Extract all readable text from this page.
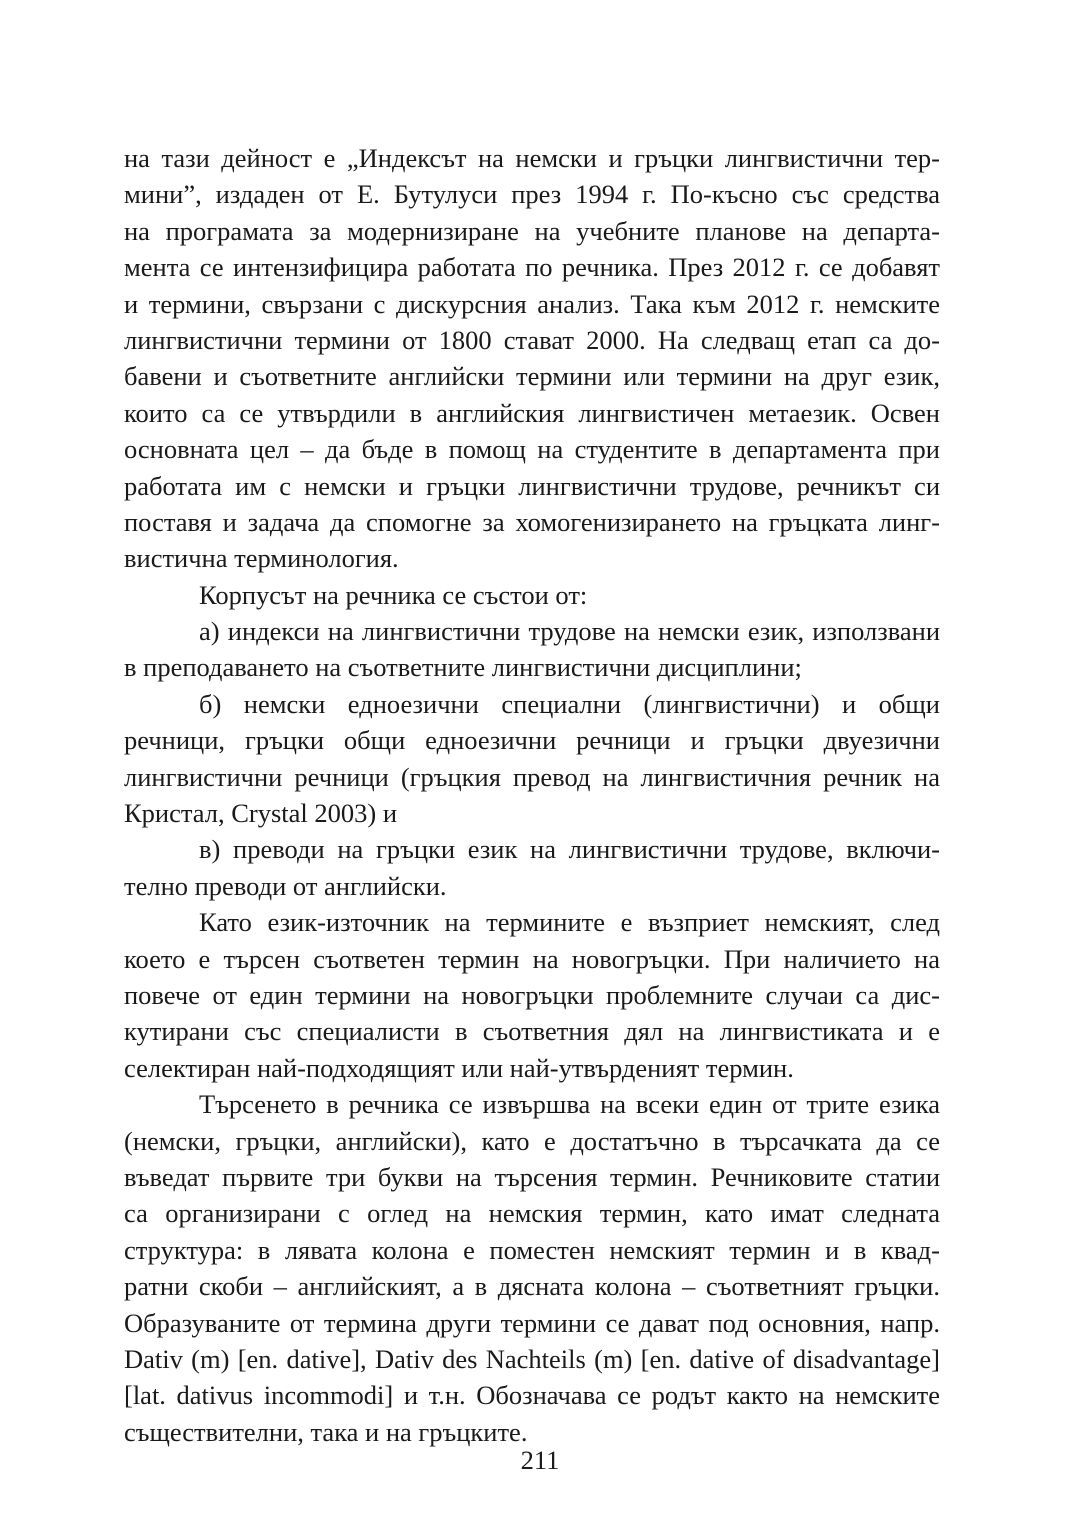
на тази дейност е „Индексът на немски и гръцки лингвистични тер-
мини”, издаден от Е. Бутулуси през 1994 г. По-късно със средства
на програмата за модернизиране на учебните планове на департа-
мента се интензифицира работата по речника. През 2012 г. се добавят
и термини, свързани с дискурсния анализ. Така към 2012 г. немските
лингвистични термини от 1800 стават 2000. На следващ етап са до-
бавени и съответните английски термини или термини на друг език,
които са се утвърдили в английския лингвистичен метаезик. Освен
основната цел – да бъде в помощ на студентите в департамента при
работата им с немски и гръцки лингвистични трудове, речникът си
поставя и задача да спомогне за хомогенизирането на гръцката линг-
вистична терминология.
Корпусът на речника се състои от:
а) индекси на лингвистични трудове на немски език, използвани
в преподаването на съответните лингвистични дисциплини;
б) немски едноезични специални (лингвистични) и общи
речници, гръцки общи едноезични речници и гръцки двуезични
лингвистични речници (гръцкия превод на лингвистичния речник на
Кристал, Crystal 2003) и
в) преводи на гръцки език на лингвистични трудове, включи-
телно преводи от английски.
Като език-източник на термините е възприет немският, след
което е търсен съответен термин на новогръцки. При наличието на
повече от един термини на новогръцки проблемните случаи са дис-
кутирани със специалисти в съответния дял на лингвистиката и е
селектиран най-подходящият или най-утвърденият термин.
Търсенето в речника се извършва на всеки един от трите езика
(немски, гръцки, английски), като е достатъчно в търсачката да се
въведат първите три букви на търсения термин. Речниковите статии
са организирани с оглед на немския термин, като имат следната
структура: в лявата колона е поместен немският термин и в квад-
ратни скоби – английският, а в дясната колона – съответният гръцки.
Образуваните от термина други термини се дават под основния, напр.
Dativ (m) [en. dative], Dativ des Nachteils (m) [en. dative of disadvantage]
[lat. dativus incommodi] и т.н. Обозначава се родът както на немските
съществителни, така и на гръцките.
211
